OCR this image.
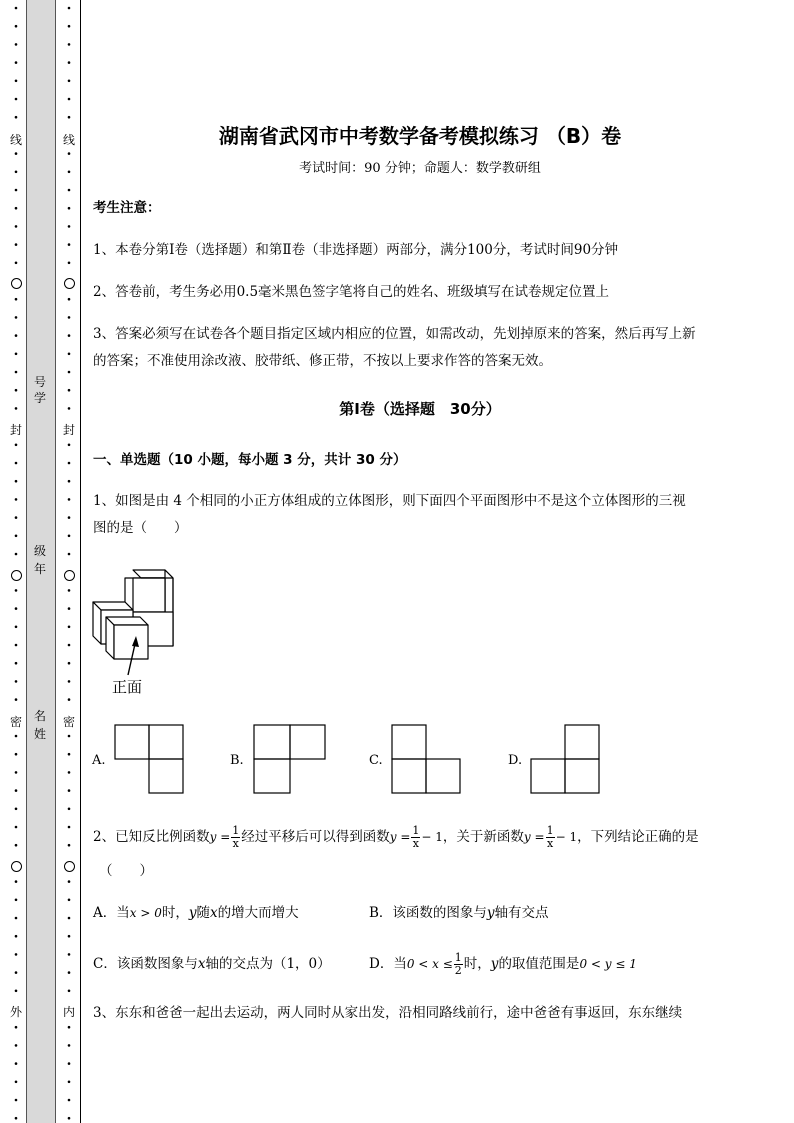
线
封
密
外
线
封
密
内
号学
级年
名姓
湖南省武冈市中考数学备考模拟练习 （B）卷
考试时间：90 分钟；命题人：数学教研组
考生注意：
1、本卷分第Ⅰ卷（选择题）和第Ⅱ卷（非选择题）两部分，满分100分，考试时间90分钟
2、答卷前，考生务必用0.5毫米黑色签字笔将自己的姓名、班级填写在试卷规定位置上
3、答案必须写在试卷各个题目指定区域内相应的位置，如需改动，先划掉原来的答案，然后再写上新
的答案；不准使用涂改液、胶带纸、修正带，不按以上要求作答的答案无效。
第Ⅰ卷（选择题　30分）
一、单选题（10 小题，每小题 3 分，共计 30 分）
1、如图是由 4 个相同的小正方体组成的立体图形，则下面四个平面图形中不是这个立体图形的三视
图的是（　　）
正面
A.	B.	C.	D.
2、已知反比例函数$y = \frac{1}{x}$ 经过平移后可以得到函数$y = \frac{1}{x} - 1$，关于新函数$y = \frac{1}{x} - 1$，下列结论正确的是
（　　）
A．当x > 0时，y随x的增大而增大	B．该函数的图象与y轴有交点
C．该函数图象与x轴的交点为（1，0）	D．当$0 < x \le \frac{1}{2}$ 时，y的取值范围是0 < y ≤ 1
3、东东和爸爸一起出去运动，两人同时从家出发，沿相同路线前行，途中爸爸有事返回，东东继续
